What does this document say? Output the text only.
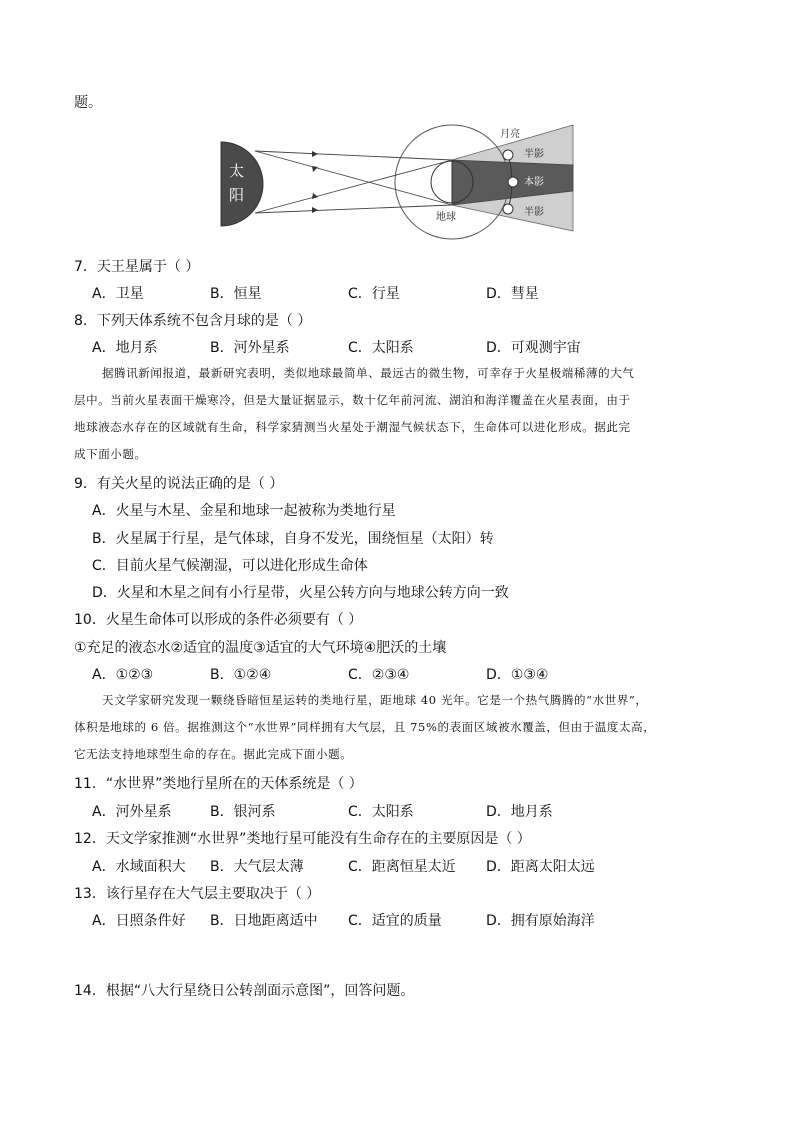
题。
太
阳
月亮
半影
本影
半影
地球
7．天王星属于（ ）
A．卫星	B．恒星	C．行星	D．彗星
8．下列天体系统不包含月球的是（ ）
A．地月系	B．河外星系	C．太阳系	D．可观测宇宙
据腾讯新闻报道，最新研究表明，类似地球最简单、最远古的微生物，可幸存于火星极端稀薄的大气
层中。当前火星表面干燥寒冷，但是大量证据显示，数十亿年前河流、湖泊和海洋覆盖在火星表面，由于
地球液态水存在的区域就有生命，科学家猜测当火星处于潮湿气候状态下，生命体可以进化形成。据此完
成下面小题。
9．有关火星的说法正确的是（ ）
A．火星与木星、金星和地球一起被称为类地行星
B．火星属于行星，是气体球，自身不发光，围绕恒星（太阳）转
C．目前火星气候潮湿，可以进化形成生命体
D．火星和木星之间有小行星带，火星公转方向与地球公转方向一致
10．火星生命体可以形成的条件必须要有（ ）
①充足的液态水②适宜的温度③适宜的大气环境④肥沃的土壤
A．①②③	B．①②④	C．②③④	D．①③④
天文学家研究发现一颗绕昏暗恒星运转的类地行星，距地球 40 光年。它是一个热气腾腾的“水世界”，
体积是地球的 6 倍。据推测这个“水世界”同样拥有大气层，且 75%的表面区域被水覆盖，但由于温度太高，
它无法支持地球型生命的存在。据此完成下面小题。
11．“水世界”类地行星所在的天体系统是（ ）
A．河外星系	B．银河系	C．太阳系	D．地月系
12．天文学家推测“水世界”类地行星可能没有生命存在的主要原因是（ ）
A．水域面积大 B．大气层太薄	C．距离恒星太近 D．距离太阳太远
13．该行星存在大气层主要取决于（ ）
A．日照条件好 B．日地距离适中 C．适宜的质量	D．拥有原始海洋
14．根据“八大行星绕日公转剖面示意图”，回答问题。
